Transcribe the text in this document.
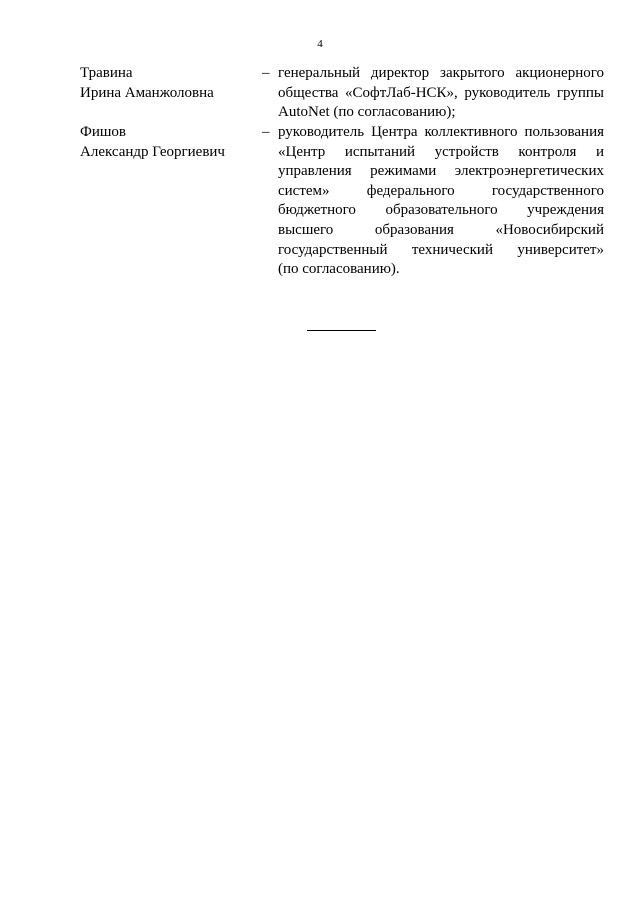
4
Травина
Ирина Аманжоловна
– генеральный директор закрытого акционерного
общества «СофтЛаб-НСК», руководитель группы
AutoNet (по согласованию);
Фишов
Александр Георгиевич
– руководитель Центра коллективного пользования
«Центр испытаний устройств контроля и
управления режимами электроэнергетических
систем» федерального государственного
бюджетного образовательного учреждения
высшего образования «Новосибирский
государственный технический университет»
(по согласованию).
